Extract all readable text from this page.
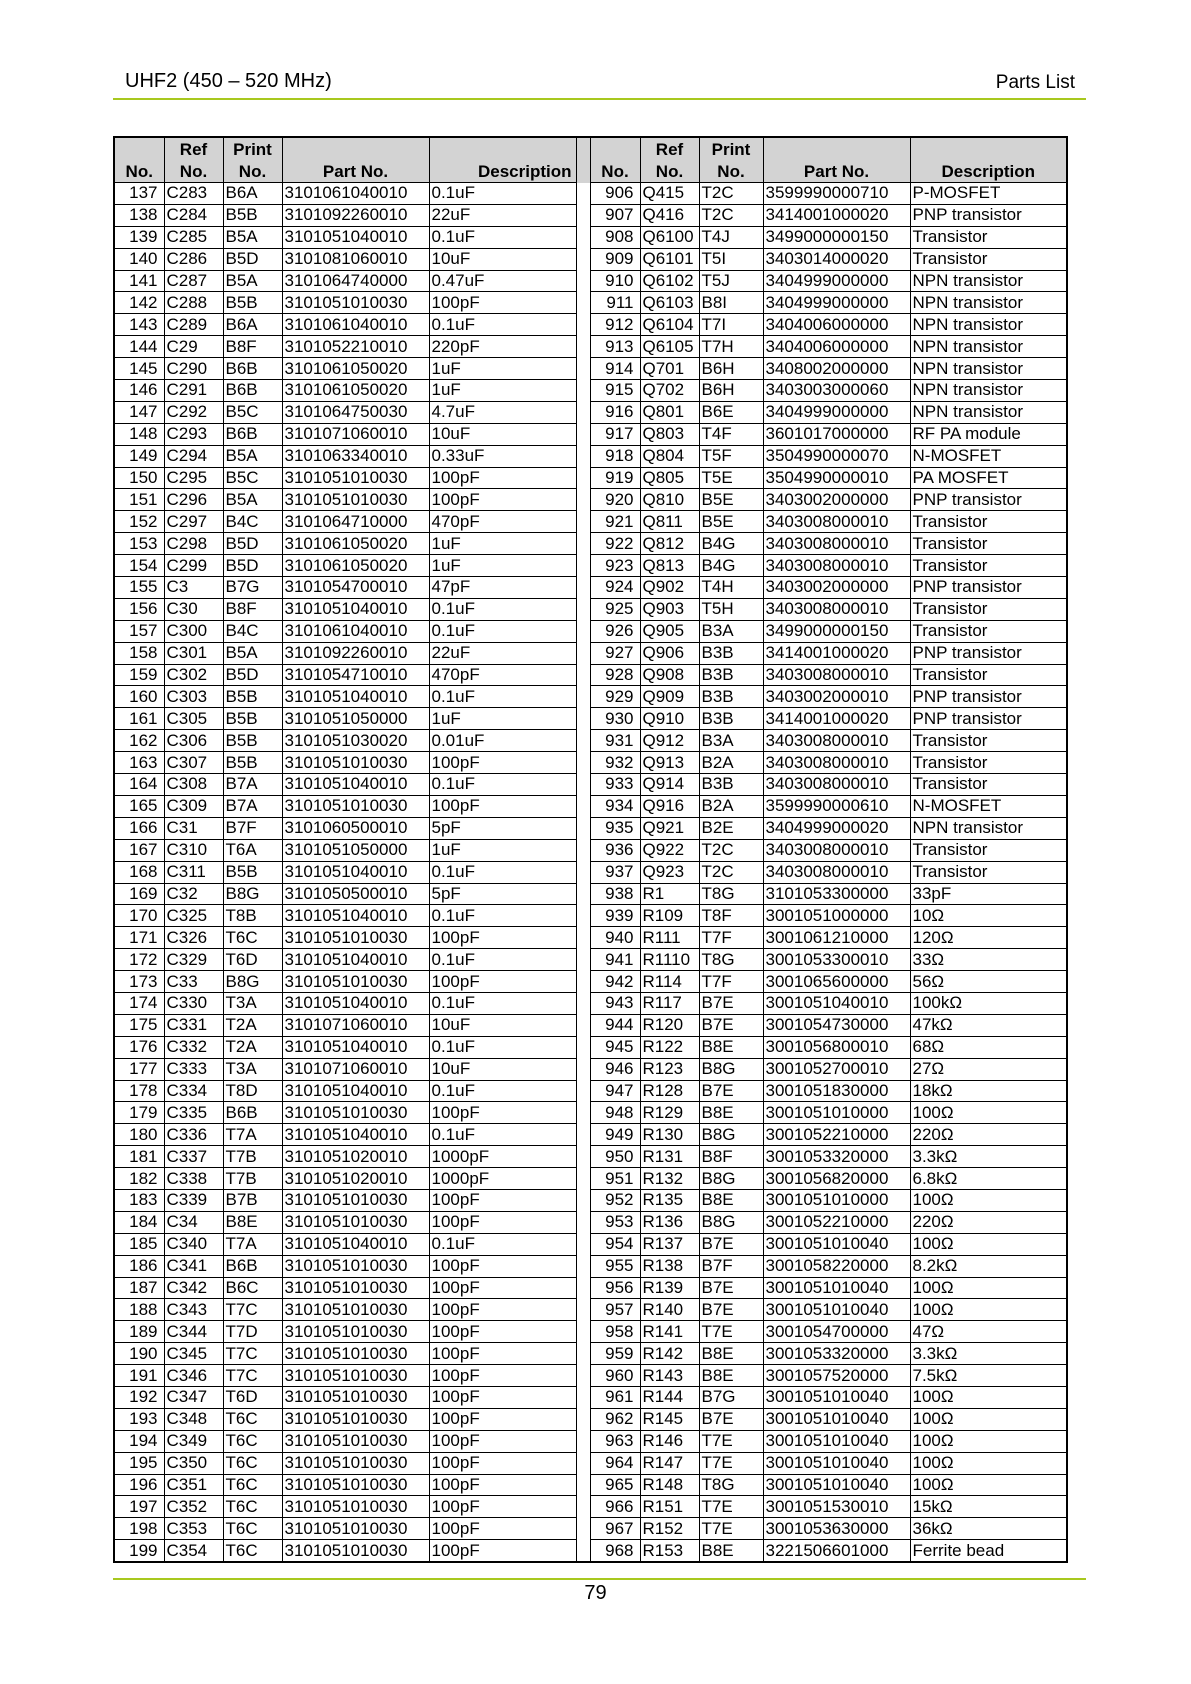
UHF2 (450 – 520 MHz)	Parts List
	Ref	Print					Ref	Print		
No.	No.	No.	Part No.	Description		No.	No.	No.	Part No.	Description
137	C283	B6A	3101061040010	0.1uF		906	Q415	T2C	3599990000710	P-MOSFET
138	C284	B5B	3101092260010	22uF		907	Q416	T2C	3414001000020	PNP transistor
139	C285	B5A	3101051040010	0.1uF		908	Q6100	T4J	3499000000150	Transistor
140	C286	B5D	3101081060010	10uF		909	Q6101	T5I	3403014000020	Transistor
141	C287	B5A	3101064740000	0.47uF		910	Q6102	T5J	3404999000000	NPN transistor
142	C288	B5B	3101051010030	100pF		911	Q6103	B8I	3404999000000	NPN transistor
143	C289	B6A	3101061040010	0.1uF		912	Q6104	T7I	3404006000000	NPN transistor
144	C29	B8F	3101052210010	220pF		913	Q6105	T7H	3404006000000	NPN transistor
145	C290	B6B	3101061050020	1uF		914	Q701	B6H	3408002000000	NPN transistor
146	C291	B6B	3101061050020	1uF		915	Q702	B6H	3403003000060	NPN transistor
147	C292	B5C	3101064750030	4.7uF		916	Q801	B6E	3404999000000	NPN transistor
148	C293	B6B	3101071060010	10uF		917	Q803	T4F	3601017000000	RF PA module
149	C294	B5A	3101063340010	0.33uF		918	Q804	T5F	3504990000070	N-MOSFET
150	C295	B5C	3101051010030	100pF		919	Q805	T5E	3504990000010	PA MOSFET
151	C296	B5A	3101051010030	100pF		920	Q810	B5E	3403002000000	PNP transistor
152	C297	B4C	3101064710000	470pF		921	Q811	B5E	3403008000010	Transistor
153	C298	B5D	3101061050020	1uF		922	Q812	B4G	3403008000010	Transistor
154	C299	B5D	3101061050020	1uF		923	Q813	B4G	3403008000010	Transistor
155	C3	B7G	3101054700010	47pF		924	Q902	T4H	3403002000000	PNP transistor
156	C30	B8F	3101051040010	0.1uF		925	Q903	T5H	3403008000010	Transistor
157	C300	B4C	3101061040010	0.1uF		926	Q905	B3A	3499000000150	Transistor
158	C301	B5A	3101092260010	22uF		927	Q906	B3B	3414001000020	PNP transistor
159	C302	B5D	3101054710010	470pF		928	Q908	B3B	3403008000010	Transistor
160	C303	B5B	3101051040010	0.1uF		929	Q909	B3B	3403002000010	PNP transistor
161	C305	B5B	3101051050000	1uF		930	Q910	B3B	3414001000020	PNP transistor
162	C306	B5B	3101051030020	0.01uF		931	Q912	B3A	3403008000010	Transistor
163	C307	B5B	3101051010030	100pF		932	Q913	B2A	3403008000010	Transistor
164	C308	B7A	3101051040010	0.1uF		933	Q914	B3B	3403008000010	Transistor
165	C309	B7A	3101051010030	100pF		934	Q916	B2A	3599990000610	N-MOSFET
166	C31	B7F	3101060500010	5pF		935	Q921	B2E	3404999000020	NPN transistor
167	C310	T6A	3101051050000	1uF		936	Q922	T2C	3403008000010	Transistor
168	C311	B5B	3101051040010	0.1uF		937	Q923	T2C	3403008000010	Transistor
169	C32	B8G	3101050500010	5pF		938	R1	T8G	3101053300000	33pF
170	C325	T8B	3101051040010	0.1uF		939	R109	T8F	3001051000000	10Ω
171	C326	T6C	3101051010030	100pF		940	R111	T7F	3001061210000	120Ω
172	C329	T6D	3101051040010	0.1uF		941	R1110	T8G	3001053300010	33Ω
173	C33	B8G	3101051010030	100pF		942	R114	T7F	3001065600000	56Ω
174	C330	T3A	3101051040010	0.1uF		943	R117	B7E	3001051040010	100kΩ
175	C331	T2A	3101071060010	10uF		944	R120	B7E	3001054730000	47kΩ
176	C332	T2A	3101051040010	0.1uF		945	R122	B8E	3001056800010	68Ω
177	C333	T3A	3101071060010	10uF		946	R123	B8G	3001052700010	27Ω
178	C334	T8D	3101051040010	0.1uF		947	R128	B7E	3001051830000	18kΩ
179	C335	B6B	3101051010030	100pF		948	R129	B8E	3001051010000	100Ω
180	C336	T7A	3101051040010	0.1uF		949	R130	B8G	3001052210000	220Ω
181	C337	T7B	3101051020010	1000pF		950	R131	B8F	3001053320000	3.3kΩ
182	C338	T7B	3101051020010	1000pF		951	R132	B8G	3001056820000	6.8kΩ
183	C339	B7B	3101051010030	100pF		952	R135	B8E	3001051010000	100Ω
184	C34	B8E	3101051010030	100pF		953	R136	B8G	3001052210000	220Ω
185	C340	T7A	3101051040010	0.1uF		954	R137	B7E	3001051010040	100Ω
186	C341	B6B	3101051010030	100pF		955	R138	B7F	3001058220000	8.2kΩ
187	C342	B6C	3101051010030	100pF		956	R139	B7E	3001051010040	100Ω
188	C343	T7C	3101051010030	100pF		957	R140	B7E	3001051010040	100Ω
189	C344	T7D	3101051010030	100pF		958	R141	T7E	3001054700000	47Ω
190	C345	T7C	3101051010030	100pF		959	R142	B8E	3001053320000	3.3kΩ
191	C346	T7C	3101051010030	100pF		960	R143	B8E	3001057520000	7.5kΩ
192	C347	T6D	3101051010030	100pF		961	R144	B7G	3001051010040	100Ω
193	C348	T6C	3101051010030	100pF		962	R145	B7E	3001051010040	100Ω
194	C349	T6C	3101051010030	100pF		963	R146	T7E	3001051010040	100Ω
195	C350	T6C	3101051010030	100pF		964	R147	T7E	3001051010040	100Ω
196	C351	T6C	3101051010030	100pF		965	R148	T8G	3001051010040	100Ω
197	C352	T6C	3101051010030	100pF		966	R151	T7E	3001051530010	15kΩ
198	C353	T6C	3101051010030	100pF		967	R152	T7E	3001053630000	36kΩ
199	C354	T6C	3101051010030	100pF		968	R153	B8E	3221506601000	Ferrite bead
79
